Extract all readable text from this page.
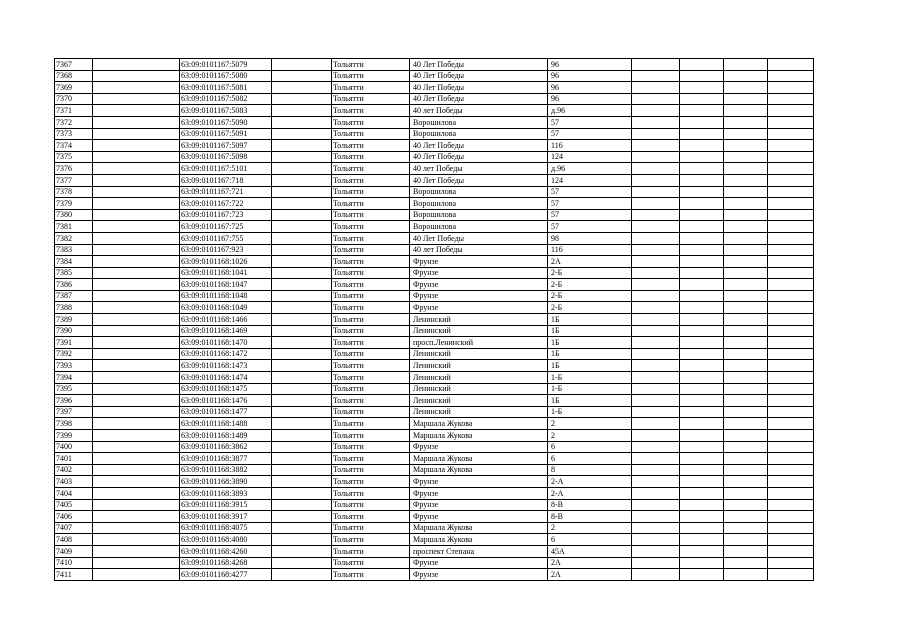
7367		63:09:0101167:5079		Тольятти	40 Лет Победы	96				
7368		63:09:0101167:5080		Тольятти	40 Лет Победы	96				
7369		63:09:0101167:5081		Тольятти	40 Лет Победы	96				
7370		63:09:0101167:5082		Тольятти	40 Лет Победы	96				
7371		63:09:0101167:5083		Тольятти	40 лет Победы	д.96				
7372		63:09:0101167:5090		Тольятти	Ворошилова	57				
7373		63:09:0101167:5091		Тольятти	Ворошилова	57				
7374		63:09:0101167:5097		Тольятти	40 Лет Победы	116				
7375		63:09:0101167:5098		Тольятти	40 Лет Победы	124				
7376		63:09:0101167:5101		Тольятти	40 лет Победы	д.96				
7377		63:09:0101167:718		Тольятти	40 Лет Победы	124				
7378		63:09:0101167:721		Тольятти	Ворошилова	57				
7379		63:09:0101167:722		Тольятти	Ворошилова	57				
7380		63:09:0101167:723		Тольятти	Ворошилова	57				
7381		63:09:0101167:725		Тольятти	Ворошилова	57				
7382		63:09:0101167:755		Тольятти	40 Лет Победы	98				
7383		63:09:0101167:923		Тольятти	40 лет Победы	116				
7384		63:09:0101168:1026		Тольятти	Фрунзе	2А				
7385		63:09:0101168:1041		Тольятти	Фрунзе	2-Б				
7386		63:09:0101168:1047		Тольятти	Фрунзе	2-Б				
7387		63:09:0101168:1048		Тольятти	Фрунзе	2-Б				
7388		63:09:0101168:1049		Тольятти	Фрунзе	2-Б				
7389		63:09:0101168:1466		Тольятти	Ленинский	1Б				
7390		63:09:0101168:1469		Тольятти	Ленинский	1Б				
7391		63:09:0101168:1470		Тольятти	просп.Ленинский	1Б				
7392		63:09:0101168:1472		Тольятти	Ленинский	1Б				
7393		63:09:0101168:1473		Тольятти	Ленинский	1Б				
7394		63:09:0101168:1474		Тольятти	Ленинский	1-Б				
7395		63:09:0101168:1475		Тольятти	Ленинский	1-Б				
7396		63:09:0101168:1476		Тольятти	Ленинский	1Б				
7397		63:09:0101168:1477		Тольятти	Ленинский	1-Б				
7398		63:09:0101168:1488		Тольятти	Маршала Жукова	2				
7399		63:09:0101168:1489		Тольятти	Маршала Жукова	2				
7400		63:09:0101168:3862		Тольятти	Фрунзе	6				
7401		63:09:0101168:3877		Тольятти	Маршала Жукова	6				
7402		63:09:0101168:3882		Тольятти	Маршала Жукова	8				
7403		63:09:0101168:3890		Тольятти	Фрунзе	2-А				
7404		63:09:0101168:3893		Тольятти	Фрунзе	2-А				
7405		63:09:0101168:3915		Тольятти	Фрунзе	8-В				
7406		63:09:0101168:3917		Тольятти	Фрунзе	8-В				
7407		63:09:0101168:4075		Тольятти	Маршала Жукова	2				
7408		63:09:0101168:4080		Тольятти	Маршала Жукова	6				
7409		63:09:0101168:4260		Тольятти	проспект Степана	45А				
7410		63:09:0101168:4268		Тольятти	Фрунзе	2А				
7411		63:09:0101168:4277		Тольятти	Фрунзе	2А				
